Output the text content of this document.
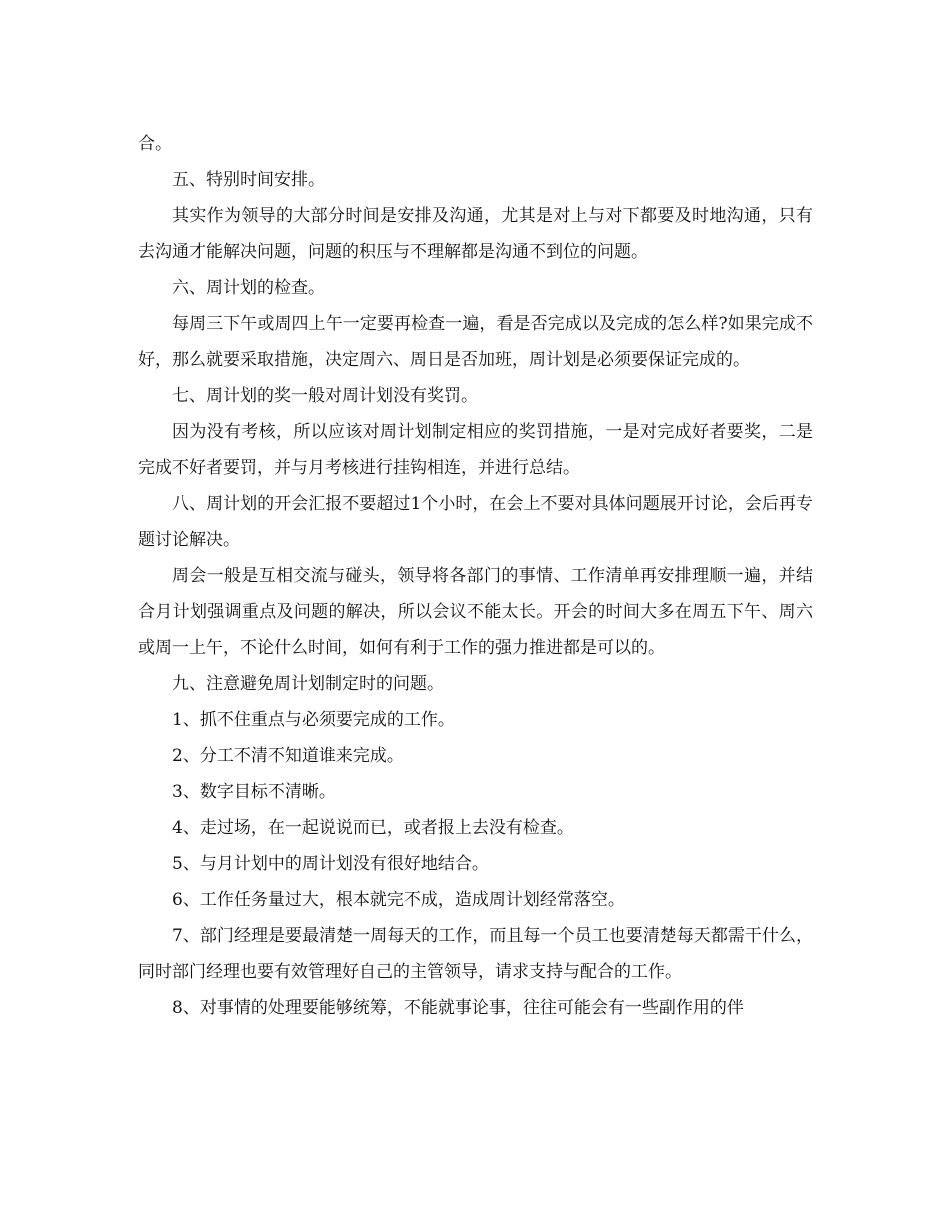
合。

五、特别时间安排。

其实作为领导的大部分时间是安排及沟通，尤其是对上与对下都要及时地沟通，只有去沟通才能解决问题，问题的积压与不理解都是沟通不到位的问题。

六、周计划的检查。

每周三下午或周四上午一定要再检查一遍，看是否完成以及完成的怎么样?如果完成不好，那么就要采取措施，决定周六、周日是否加班，周计划是必须要保证完成的。

七、周计划的奖一般对周计划没有奖罚。

因为没有考核，所以应该对周计划制定相应的奖罚措施，一是对完成好者要奖，二是完成不好者要罚，并与月考核进行挂钩相连，并进行总结。

八、周计划的开会汇报不要超过1个小时，在会上不要对具体问题展开讨论，会后再专题讨论解决。

周会一般是互相交流与碰头，领导将各部门的事情、工作清单再安排理顺一遍，并结合月计划强调重点及问题的解决，所以会议不能太长。开会的时间大多在周五下午、周六或周一上午，不论什么时间，如何有利于工作的强力推进都是可以的。

九、注意避免周计划制定时的问题。

1、抓不住重点与必须要完成的工作。

2、分工不清不知道谁来完成。

3、数字目标不清晰。

4、走过场，在一起说说而已，或者报上去没有检查。

5、与月计划中的周计划没有很好地结合。

6、工作任务量过大，根本就完不成，造成周计划经常落空。

7、部门经理是要最清楚一周每天的工作，而且每一个员工也要清楚每天都需干什么，同时部门经理也要有效管理好自己的主管领导，请求支持与配合的工作。

8、对事情的处理要能够统筹，不能就事论事，往往可能会有一些副作用的伴
